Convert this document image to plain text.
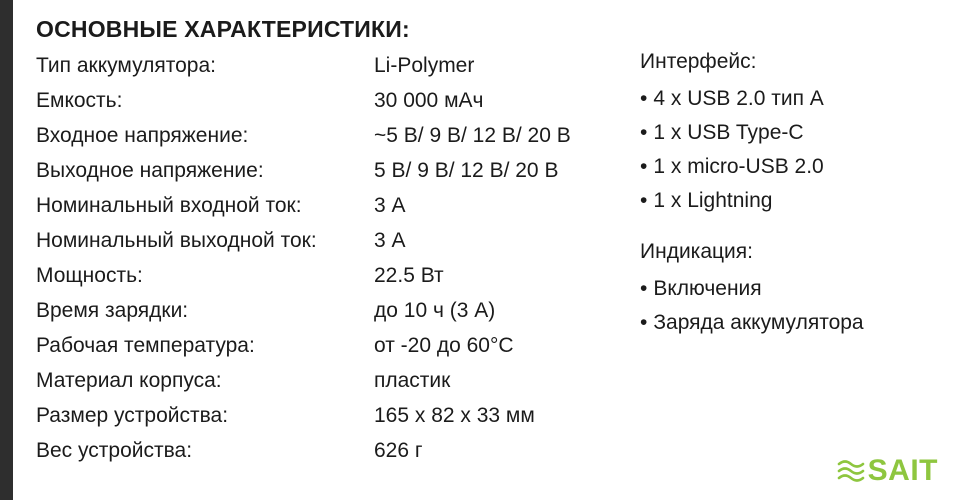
ОСНОВНЫЕ ХАРАКТЕРИСТИКИ:
Тип аккумулятора:	Li-Polymer
Емкость:	30 000 мАч
Входное напряжение:	~5 В/ 9 В/ 12 В/ 20 В
Выходное напряжение:	5 В/ 9 В/ 12 В/ 20 В
Номинальный входной ток:	3 А
Номинальный выходной ток:	3 А
Мощность:	22.5 Вт
Время зарядки:	до 10 ч (3 А)
Рабочая температура:	от -20 до 60°С
Материал корпуса:	пластик
Размер устройства:	165 x 82 x 33 мм
Вес устройства:	626 г
Интерфейс:
• 4 x USB 2.0 тип А
• 1 x USB Type-C
• 1 x micro-USB 2.0
• 1 x Lightning
Индикация:
• Включения
• Заряда аккумулятора
SAIT
